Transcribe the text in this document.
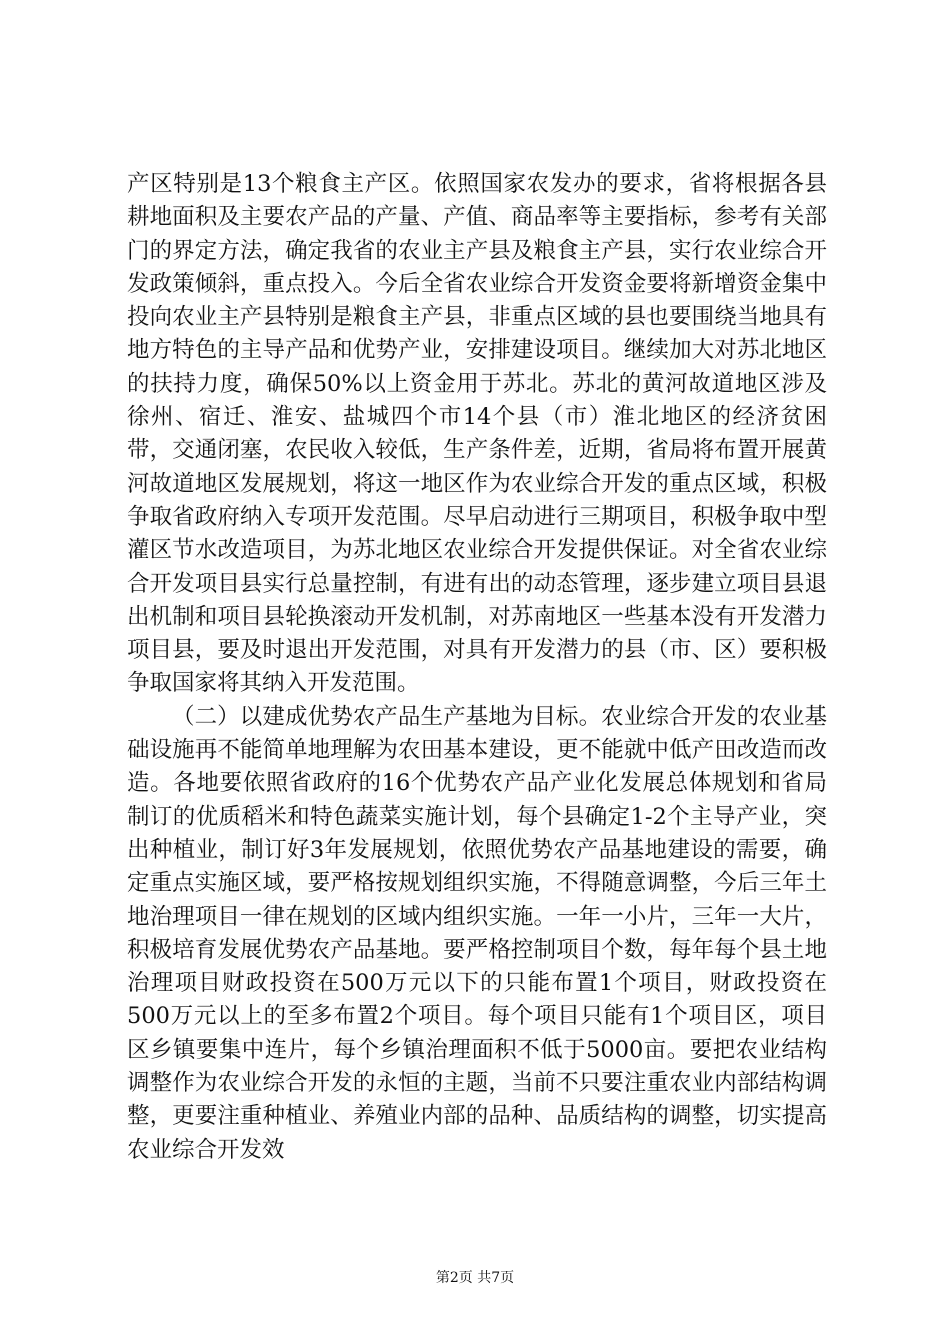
产区特别是13个粮食主产区。依照国家农发办的要求，省将根据各县耕地面积及主要农产品的产量、产值、商品率等主要指标，参考有关部门的界定方法，确定我省的农业主产县及粮食主产县，实行农业综合开发政策倾斜，重点投入。今后全省农业综合开发资金要将新增资金集中投向农业主产县特别是粮食主产县，非重点区域的县也要围绕当地具有地方特色的主导产品和优势产业，安排建设项目。继续加大对苏北地区的扶持力度，确保50%以上资金用于苏北。苏北的黄河故道地区涉及徐州、宿迁、淮安、盐城四个市14个县（市）淮北地区的经济贫困带，交通闭塞，农民收入较低，生产条件差，近期，省局将布置开展黄河故道地区发展规划，将这一地区作为农业综合开发的重点区域，积极争取省政府纳入专项开发范围。尽早启动进行三期项目，积极争取中型灌区节水改造项目，为苏北地区农业综合开发提供保证。对全省农业综合开发项目县实行总量控制，有进有出的动态管理，逐步建立项目县退出机制和项目县轮换滚动开发机制，对苏南地区一些基本没有开发潜力项目县，要及时退出开发范围，对具有开发潜力的县（市、区）要积极争取国家将其纳入开发范围。

（二）以建成优势农产品生产基地为目标。农业综合开发的农业基础设施再不能简单地理解为农田基本建设，更不能就中低产田改造而改造。各地要依照省政府的16个优势农产品产业化发展总体规划和省局制订的优质稻米和特色蔬菜实施计划，每个县确定1-2个主导产业，突出种植业，制订好3年发展规划，依照优势农产品基地建设的需要，确定重点实施区域，要严格按规划组织实施，不得随意调整，今后三年土地治理项目一律在规划的区域内组织实施。一年一小片，三年一大片，积极培育发展优势农产品基地。要严格控制项目个数，每年每个县土地治理项目财政投资在500万元以下的只能布置1个项目，财政投资在500万元以上的至多布置2个项目。每个项目只能有1个项目区，项目区乡镇要集中连片，每个乡镇治理面积不低于5000亩。要把农业结构调整作为农业综合开发的永恒的主题，当前不只要注重农业内部结构调整，更要注重种植业、养殖业内部的品种、品质结构的调整，切实提高农业综合开发效

第2页 共7页
